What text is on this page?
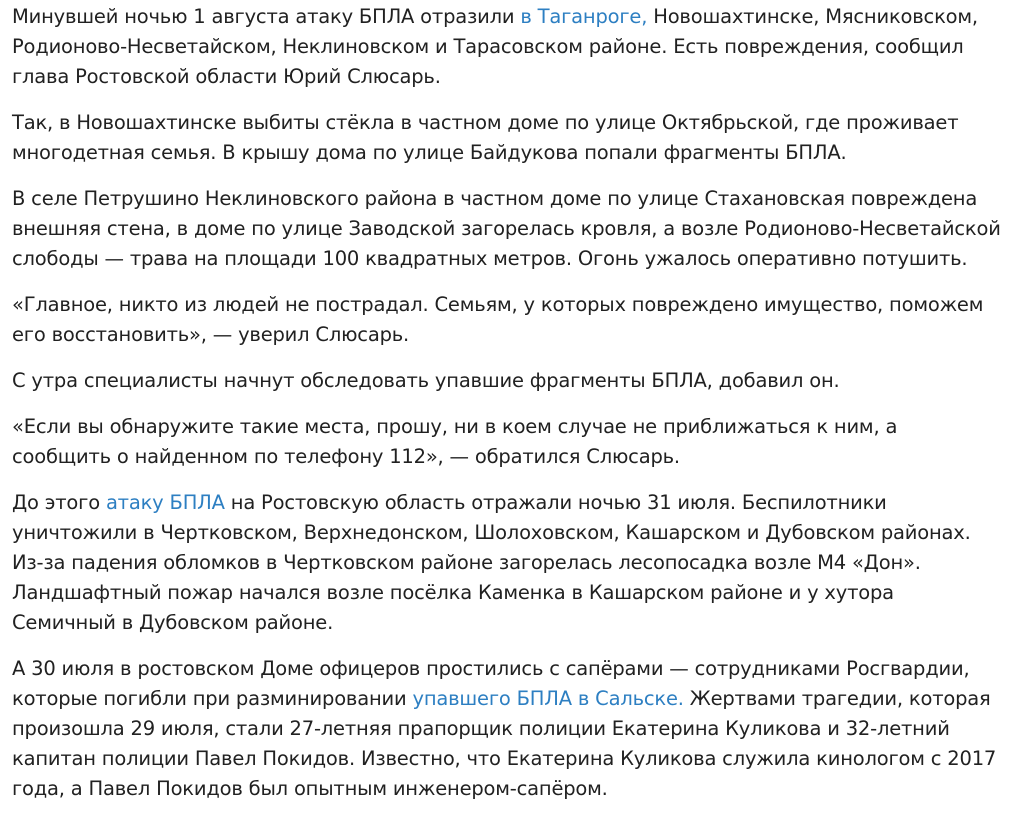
Минувшей ночью 1 августа атаку БПЛА отразили в Таганроге, Новошахтинске, Мясниковском, Родионово-Несветайском, Неклиновском и Тарасовском районе. Есть повреждения, сообщил глава Ростовской области Юрий Слюсарь.

Так, в Новошахтинске выбиты стёкла в частном доме по улице Октябрьской, где проживает многодетная семья. В крышу дома по улице Байдукова попали фрагменты БПЛА.

В селе Петрушино Неклиновского района в частном доме по улице Стахановская повреждена внешняя стена, в доме по улице Заводской загорелась кровля, а возле Родионово-Несветайской слободы — трава на площади 100 квадратных метров. Огонь ужалось оперативно потушить.

«Главное, никто из людей не пострадал. Семьям, у которых повреждено имущество, поможем его восстановить», — уверил Слюсарь.

С утра специалисты начнут обследовать упавшие фрагменты БПЛА, добавил он.

«Если вы обнаружите такие места, прошу, ни в коем случае не приближаться к ним, а сообщить о найденном по телефону 112», — обратился Слюсарь.

До этого атаку БПЛА на Ростовскую область отражали ночью 31 июля. Беспилотники уничтожили в Чертковском, Верхнедонском, Шолоховском, Кашарском и Дубовском районах. Из-за падения обломков в Чертковском районе загорелась лесопосадка возле М4 «Дон». Ландшафтный пожар начался возле посёлка Каменка в Кашарском районе и у хутора Семичный в Дубовском районе.

А 30 июля в ростовском Доме офицеров простились с сапёрами — сотрудниками Росгвардии, которые погибли при разминировании упавшего БПЛА в Сальске. Жертвами трагедии, которая произошла 29 июля, стали 27-летняя прапорщик полиции Екатерина Куликова и 32-летний капитан полиции Павел Покидов. Известно, что Екатерина Куликова служила кинологом с 2017 года, а Павел Покидов был опытным инженером-сапёром.
